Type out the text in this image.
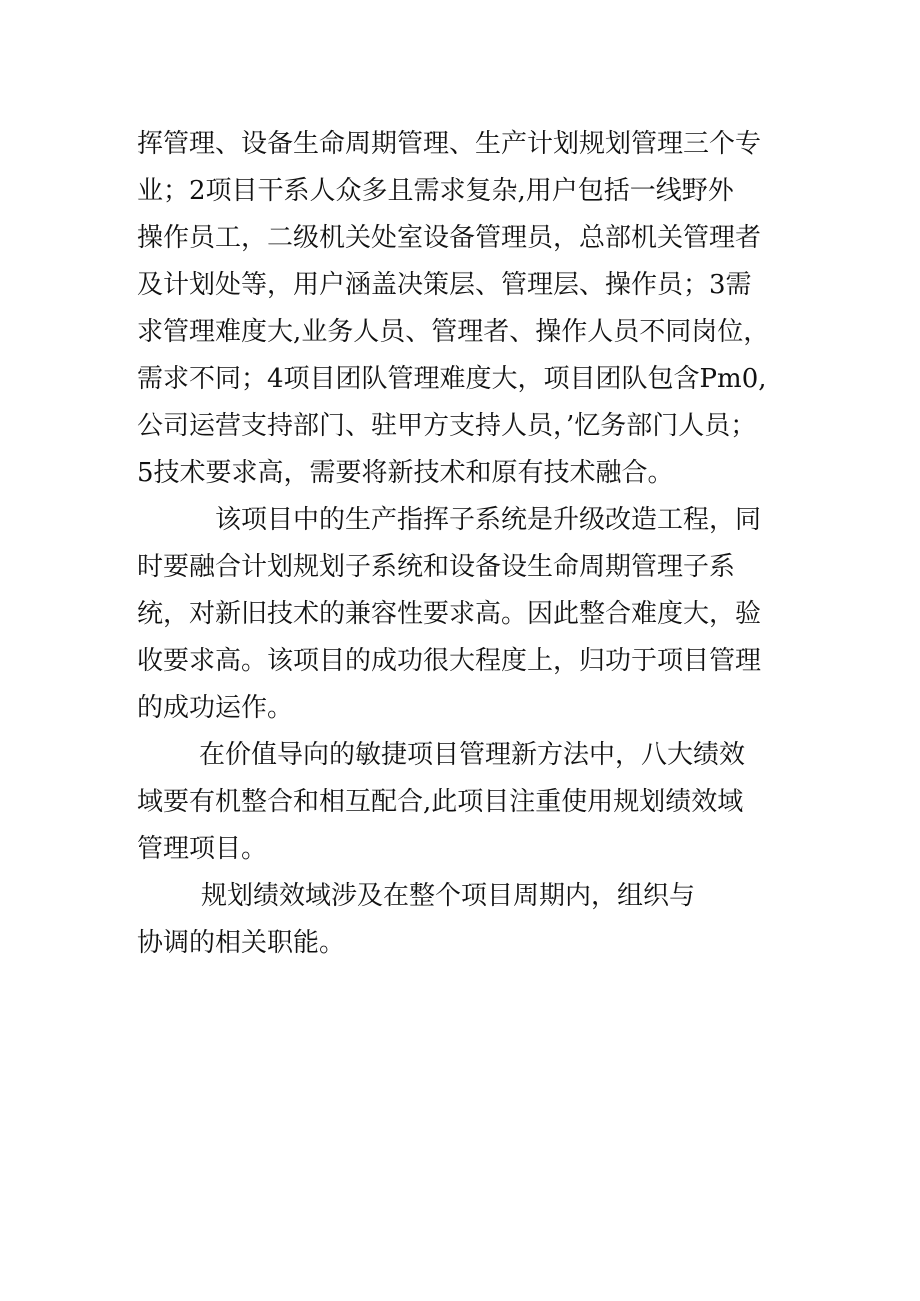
挥管理、设备生命周期管理、生产计划规划管理三个专
业；2项目干系人众多且需求复杂,用户包括一线野外
操作员工，二级机关处室设备管理员，总部机关管理者
及计划处等，用户涵盖决策层、管理层、操作员；3需
求管理难度大,业务人员、管理者、操作人员不同岗位，
需求不同；4项目团队管理难度大，项目团队包含Pm0,
公司运营支持部门、驻甲方支持人员，’忆务部门人员；
5技术要求高，需要将新技术和原有技术融合。
该项目中的生产指挥子系统是升级改造工程，同
时要融合计划规划子系统和设备设生命周期管理子系
统，对新旧技术的兼容性要求高。因此整合难度大，验
收要求高。该项目的成功很大程度上，归功于项目管理
的成功运作。
在价值导向的敏捷项目管理新方法中，八大绩效
域要有机整合和相互配合,此项目注重使用规划绩效域
管理项目。
规划绩效域涉及在整个项目周期内，组织与
协调的相关职能。
